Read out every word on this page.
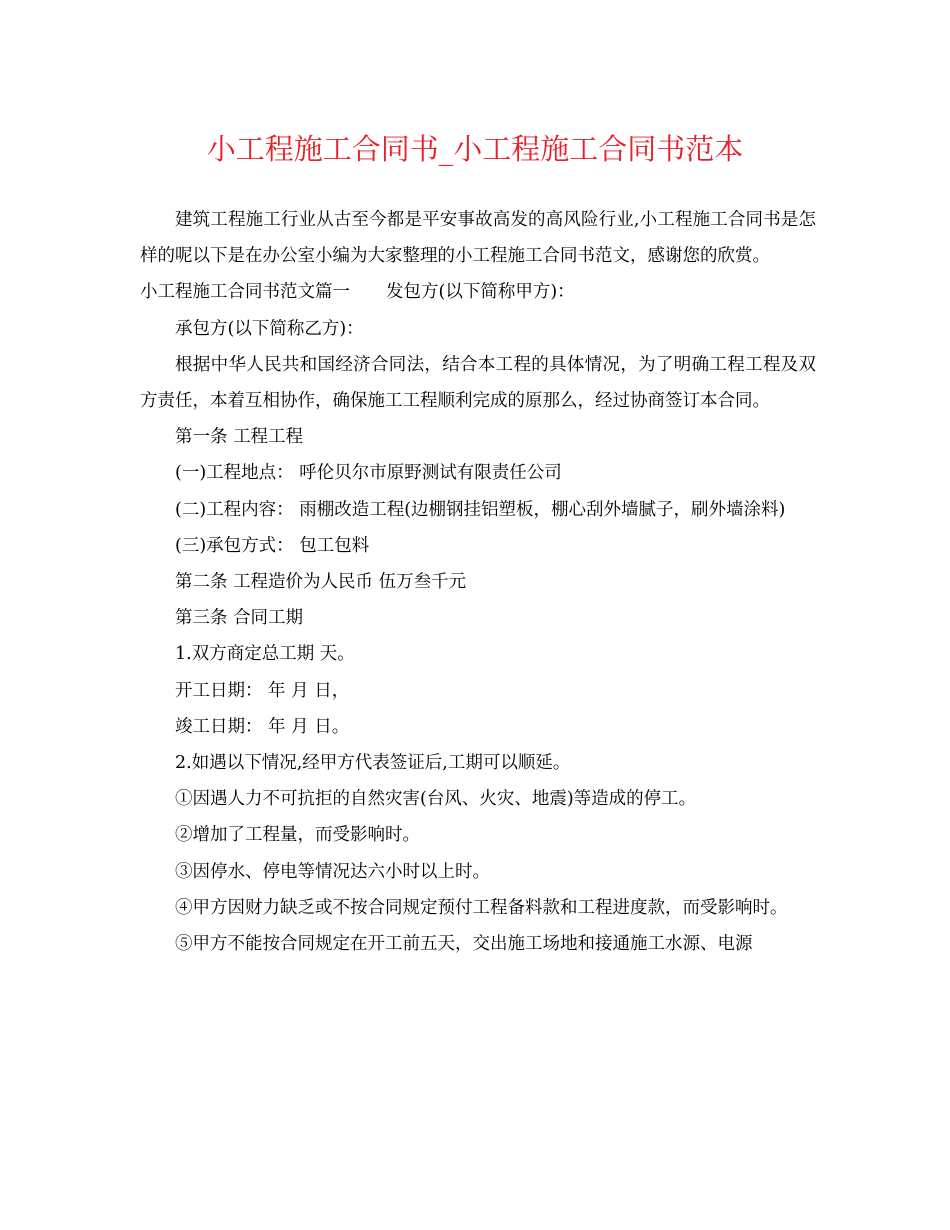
小工程施工合同书_小工程施工合同书范本

建筑工程施工行业从古至今都是平安事故高发的高风险行业,小工程施工合同书是怎样的呢以下是在办公室小编为大家整理的小工程施工合同书范文，感谢您的欣赏。

小工程施工合同书范文篇一 发包方(以下简称甲方)：

承包方(以下简称乙方)：

根据中华人民共和国经济合同法，结合本工程的具体情况，为了明确工程工程及双方责任，本着互相协作，确保施工工程顺利完成的原那么，经过协商签订本合同。

第一条 工程工程

(一)工程地点： 呼伦贝尔市原野测试有限责任公司

(二)工程内容： 雨棚改造工程(边棚钢挂铝塑板，棚心刮外墙腻子，刷外墙涂料)

(三)承包方式： 包工包料

第二条 工程造价为人民币 伍万叁千元

第三条 合同工期

1.双方商定总工期 天。

开工日期： 年 月 日，

竣工日期： 年 月 日。

2.如遇以下情况,经甲方代表签证后,工期可以顺延。

①因遇人力不可抗拒的自然灾害(台风、火灾、地震)等造成的停工。

②增加了工程量，而受影响时。

③因停水、停电等情况达六小时以上时。

④甲方因财力缺乏或不按合同规定预付工程备料款和工程进度款，而受影响时。

⑤甲方不能按合同规定在开工前五天，交出施工场地和接通施工水源、电源
